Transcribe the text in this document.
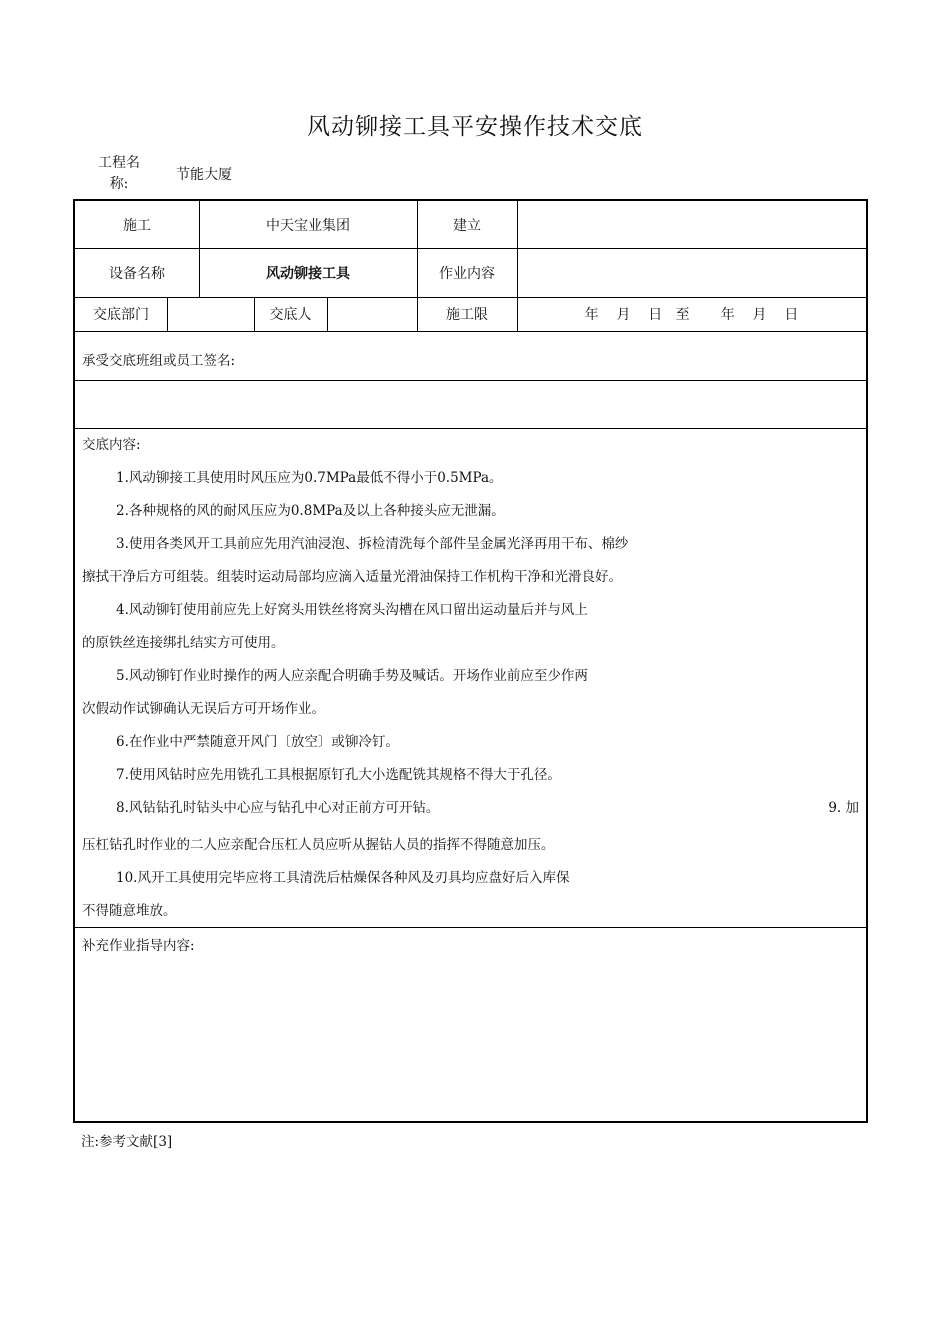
风动铆接工具平安操作技术交底
工程名
称:
节能大厦
施工	中天宝业集团	建立
设备名称	风动铆接工具	作业内容
交底部门	交底人	施工限	年    月    日   至       年    月    日
承受交底班组或员工签名:
交底内容:
1.风动铆接工具使用时风压应为0.7MPa最低不得小于0.5MPa。
2.各种规格的风的耐风压应为0.8MPa及以上各种接头应无泄漏。
3.使用各类风开工具前应先用汽油浸泡、拆检清洗每个部件呈金属光泽再用干布、棉纱
擦拭干净后方可组装。组装时运动局部均应滴入适量光滑油保持工作机构干净和光滑良好。
4.风动铆钉使用前应先上好窝头用铁丝将窝头沟槽在风口留出运动量后并与风上
的原铁丝连接绑扎结实方可使用。
5.风动铆钉作业时操作的两人应亲配合明确手势及喊话。开场作业前应至少作两
次假动作试铆确认无误后方可开场作业。
6.在作业中严禁随意开风门〔放空〕或铆冷钉。
7.使用风钻时应先用铣孔工具根据原钉孔大小选配铣其规格不得大于孔径。
8.风钻钻孔时钻头中心应与钻孔中心对正前方可开钻。	9. 加
压杠钻孔时作业的二人应亲配合压杠人员应听从握钻人员的指挥不得随意加压。
10.风开工具使用完毕应将工具清洗后枯燥保各种风及刃具均应盘好后入库保
不得随意堆放。
补充作业指导内容:
注:参考文献[3]
